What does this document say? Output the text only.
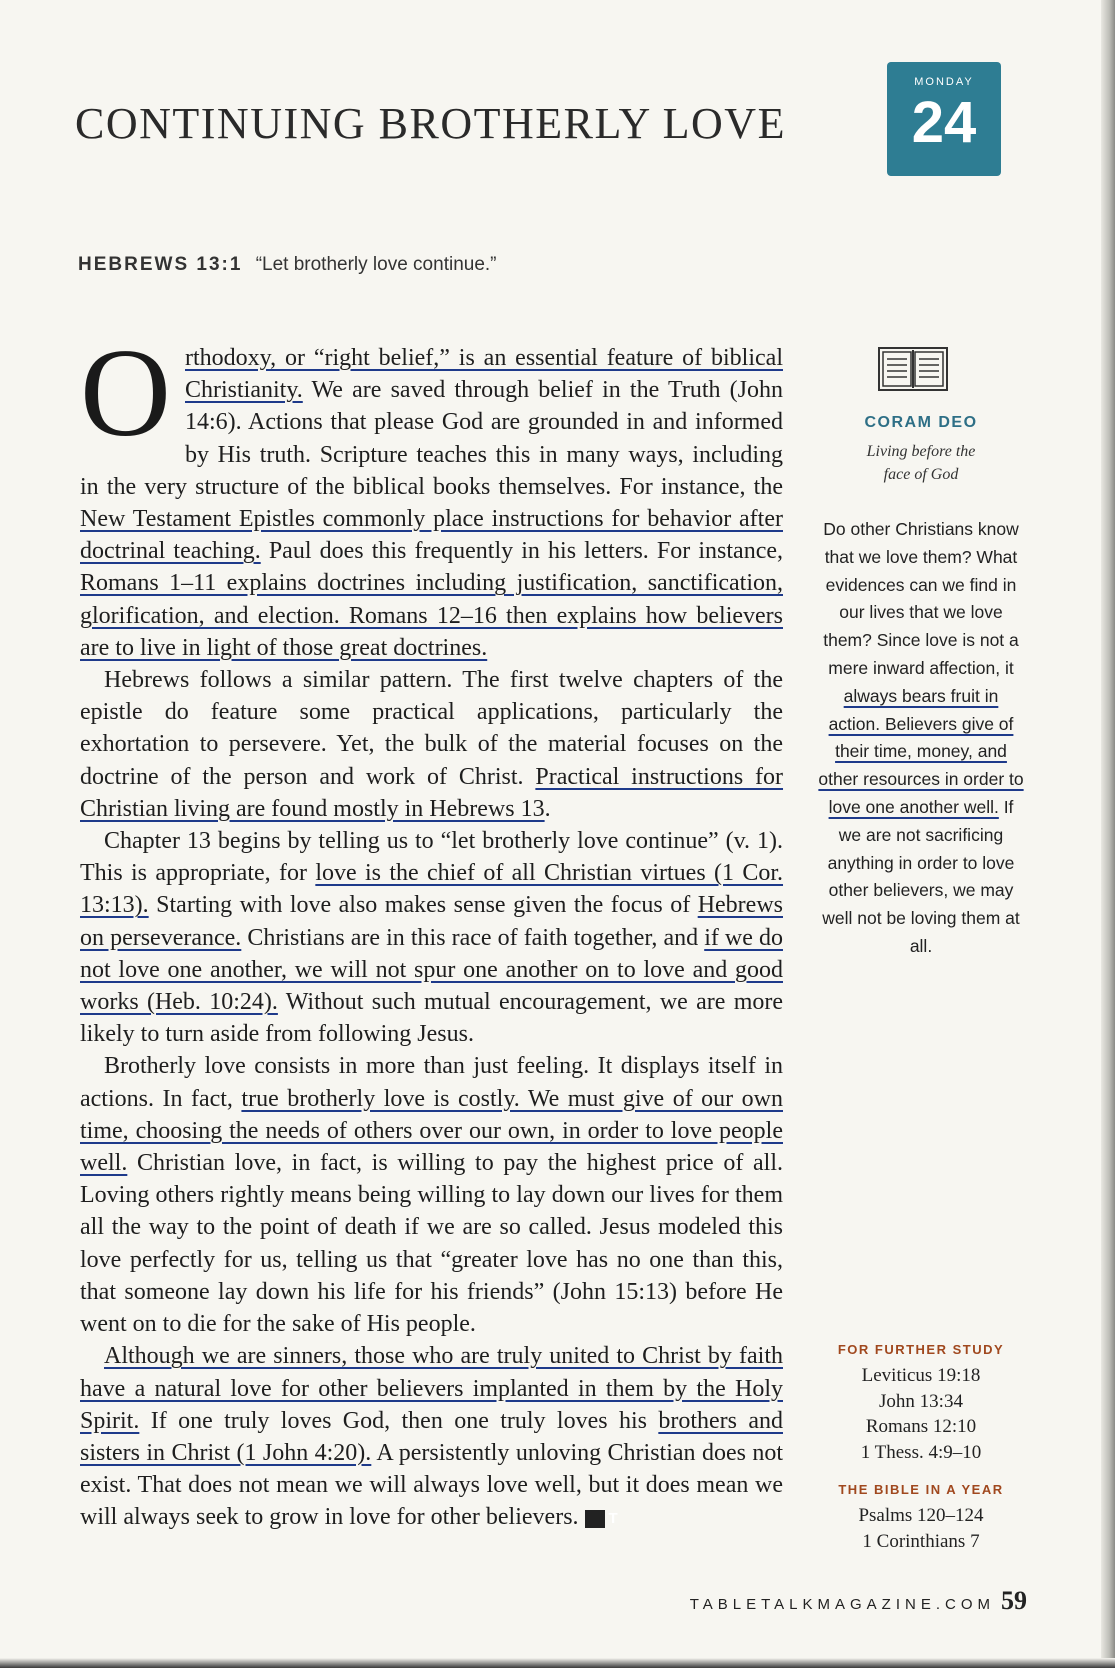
CONTINUING BROTHERLY LOVE
MONDAY
24
HEBREWS 13:1 “Let brotherly love continue.”

Orthodoxy, or “right belief,” is an essential feature of biblical Christianity. We are saved through belief in the Truth (John 14:6). Actions that please God are grounded in and informed by His truth. Scripture teaches this in many ways, including in the very structure of the biblical books themselves. For instance, the New Testament Epistles commonly place instructions for behavior after doctrinal teaching. Paul does this frequently in his letters. For instance, Romans 1–11 explains doctrines including justification, sanctification, glorification, and election. Romans 12–16 then explains how believers are to live in light of those great doctrines.

Hebrews follows a similar pattern. The first twelve chapters of the epistle do feature some practical applications, particularly the exhortation to persevere. Yet, the bulk of the material focuses on the doctrine of the person and work of Christ. Practical instructions for Christian living are found mostly in Hebrews 13.

Chapter 13 begins by telling us to “let brotherly love continue” (v. 1). This is appropriate, for love is the chief of all Christian virtues (1 Cor. 13:13). Starting with love also makes sense given the focus of Hebrews on perseverance. Christians are in this race of faith together, and if we do not love one another, we will not spur one another on to love and good works (Heb. 10:24). Without such mutual encouragement, we are more likely to turn aside from following Jesus.

Brotherly love consists in more than just feeling. It displays itself in actions. In fact, true brotherly love is costly. We must give of our own time, choosing the needs of others over our own, in order to love people well. Christian love, in fact, is willing to pay the highest price of all. Loving others rightly means being willing to lay down our lives for them all the way to the point of death if we are so called. Jesus modeled this love perfectly for us, telling us that “greater love has no one than this, that someone lay down his life for his friends” (John 15:13) before He went on to die for the sake of His people.

Although we are sinners, those who are truly united to Christ by faith have a natural love for other believers implanted in them by the Holy Spirit. If one truly loves God, then one truly loves his brothers and sisters in Christ (1 John 4:20). A persistently unloving Christian does not exist. That does not mean we will always love well, but it does mean we will always seek to grow in love for other believers. T

CORAM DEO
Living before the
face of God
Do other Christians know that we love them? What evidences can we find in our lives that we love them? Since love is not a mere inward affection, it always bears fruit in action. Believers give of their time, money, and other resources in order to love one another well. If we are not sacrificing anything in order to love other believers, we may well not be loving them at all.
FOR FURTHER STUDY
Leviticus 19:18
John 13:34
Romans 12:10
1 Thess. 4:9–10
THE BIBLE IN A YEAR
Psalms 120–124
1 Corinthians 7
TABLETALKMAGAZINE.COM 59
